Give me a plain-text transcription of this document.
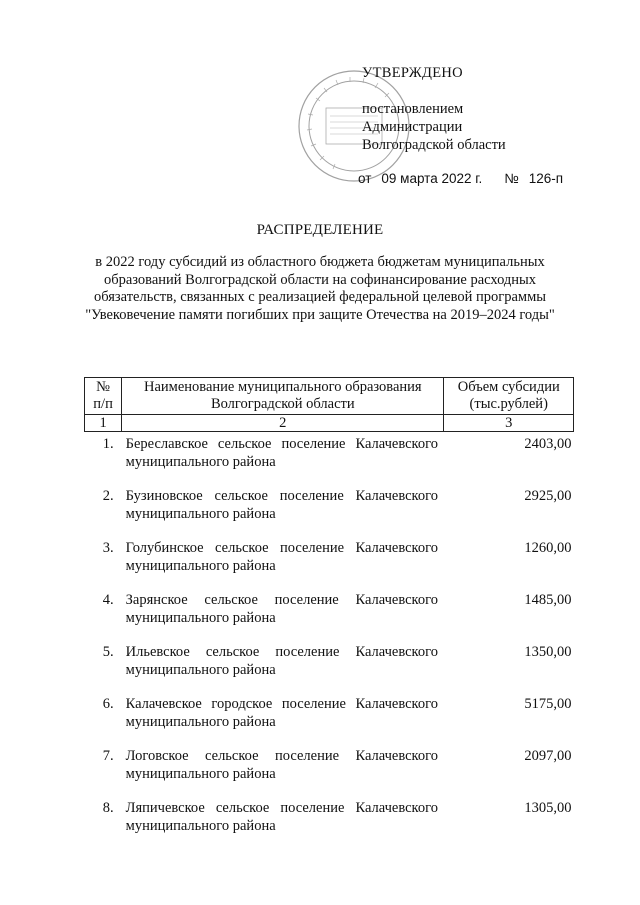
УТВЕРЖДЕНО
постановлением
Администрации
Волгоградской области
от 09 марта 2022 г. № 126-п
РАСПРЕДЕЛЕНИЕ
в 2022 году субсидий из областного бюджета бюджетам муниципальных образований Волгоградской области на софинансирование расходных обязательств, связанных с реализацией федеральной целевой программы "Увековечение памяти погибших при защите Отечества на 2019–2024 годы"
№ п/п	Наименование муниципального образования Волгоградской области	Объем субсидии (тыс.рублей)
1	2	3
1.	Береславское сельское поселение Калачевского муниципального района	2403,00
2.	Бузиновское сельское поселение Калачевского муниципального района	2925,00
3.	Голубинское сельское поселение Калачевского муниципального района	1260,00
4.	Зарянское сельское поселение Калачевского муниципального района	1485,00
5.	Ильевское сельское поселение Калачевского муниципального района	1350,00
6.	Калачевское городское поселение Калачевского муниципального района	5175,00
7.	Логовское сельское поселение Калачевского муниципального района	2097,00
8.	Ляпичевское сельское поселение Калачевского муниципального района	1305,00
